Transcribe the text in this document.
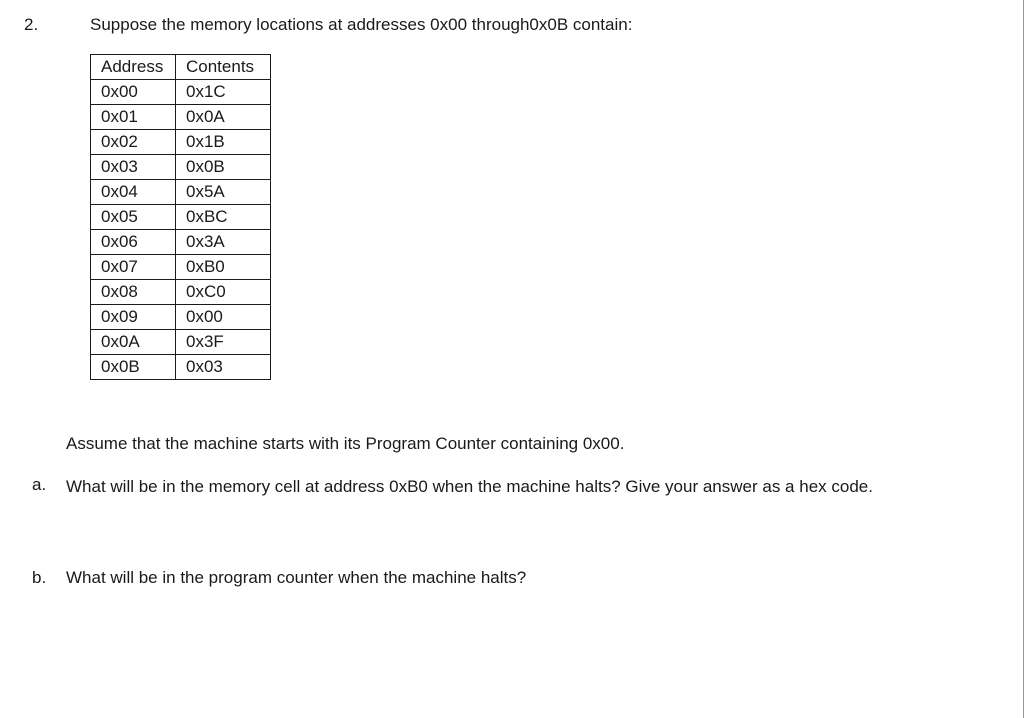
2.	Suppose the memory locations at addresses 0x00 through0x0B contain:
Address	Contents
0x00	0x1C
0x01	0x0A
0x02	0x1B
0x03	0x0B
0x04	0x5A
0x05	0xBC
0x06	0x3A
0x07	0xB0
0x08	0xC0
0x09	0x00
0x0A	0x3F
0x0B	0x03
Assume that the machine starts with its Program Counter containing 0x00.
a. What will be in the memory cell at address 0xB0 when the machine halts? Give your answer as a hex code.
b. What will be in the program counter when the machine halts?
